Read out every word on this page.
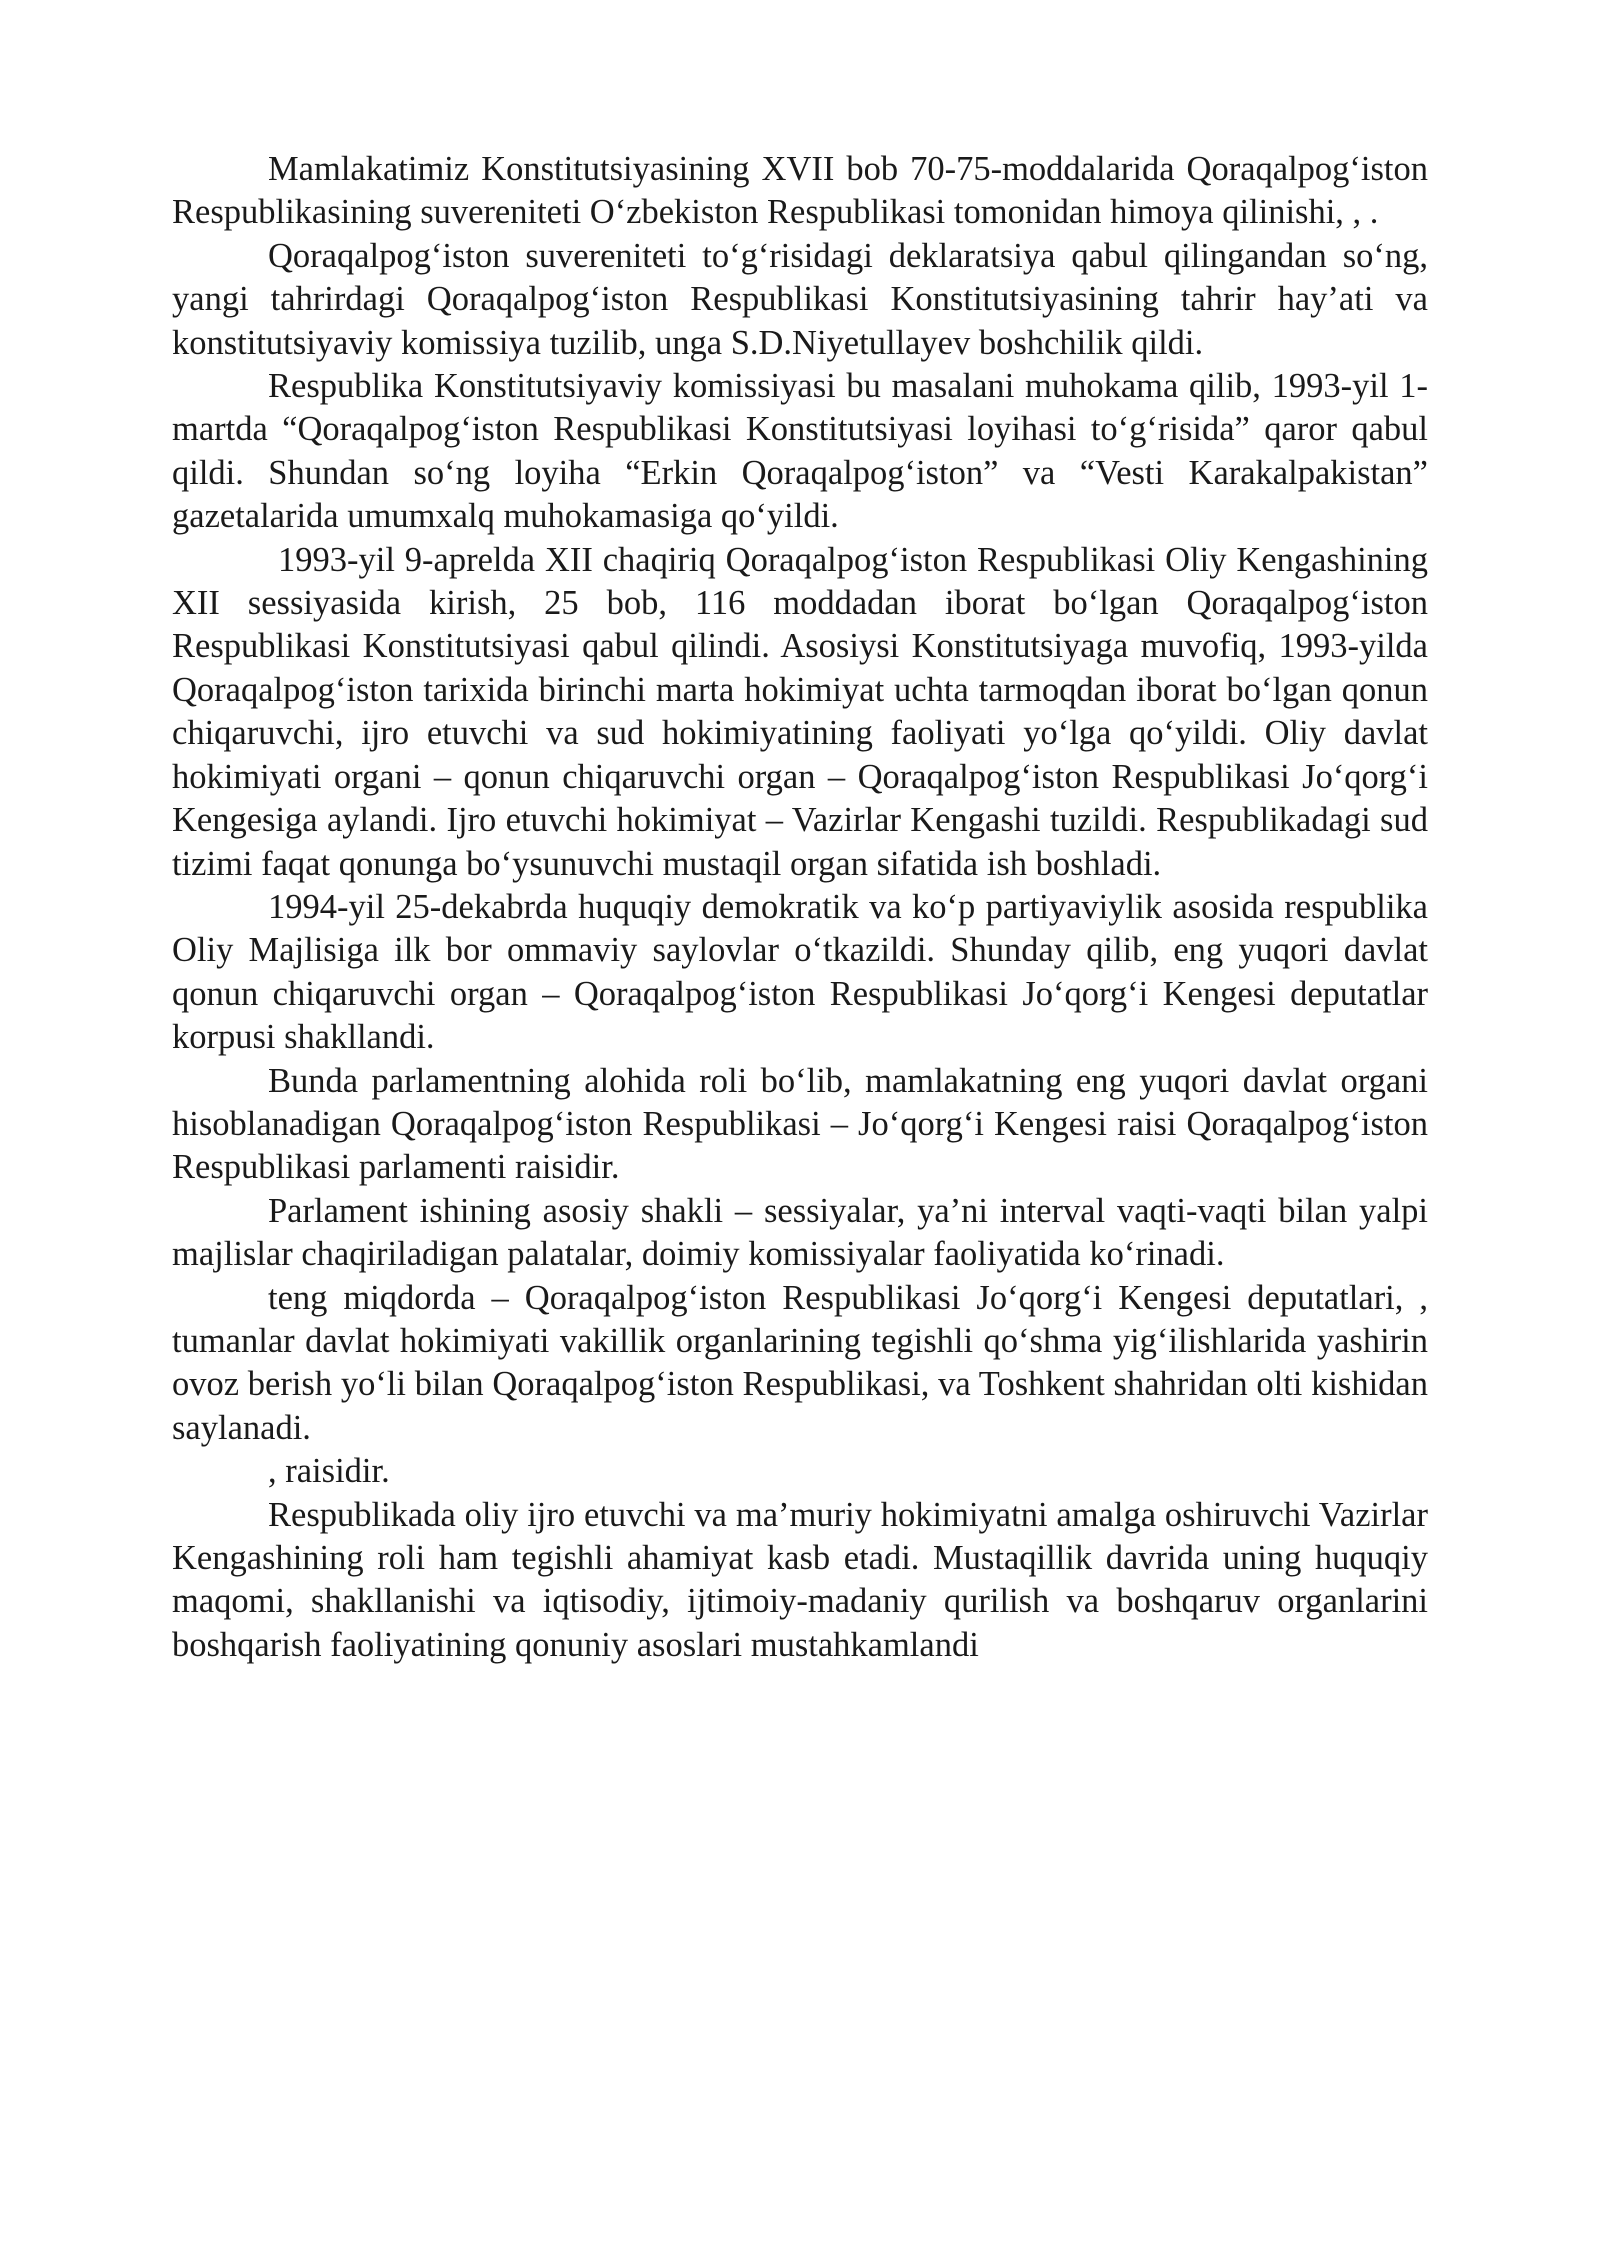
Mamlakatimiz Konstitutsiyasining XVII bob 70-75-moddalarida Qoraqalpog‘iston Respublikasining suvereniteti O‘zbekiston Respublikasi tomonidan himoya qilinishi, , .

Qoraqalpog‘iston suvereniteti to‘g‘risidagi deklaratsiya qabul qilingandan so‘ng, yangi tahrirdagi Qoraqalpog‘iston Respublikasi Konstitutsiyasining tahrir hay’ati va konstitutsiyaviy komissiya tuzilib, unga S.D.Niyetullayev boshchilik qildi.

Respublika Konstitutsiyaviy komissiyasi bu masalani muhokama qilib, 1993-yil 1-martda “Qoraqalpog‘iston Respublikasi Konstitutsiyasi loyihasi to‘g‘risida” qaror qabul qildi. Shundan so‘ng loyiha “Erkin Qoraqalpog‘iston” va “Vesti Karakalpakistan” gazetalarida umumxalq muhokamasiga qo‘yildi.

1993-yil 9-aprelda XII chaqiriq Qoraqalpog‘iston Respublikasi Oliy Kengashining XII sessiyasida kirish, 25 bob, 116 moddadan iborat bo‘lgan Qoraqalpog‘iston Respublikasi Konstitutsiyasi qabul qilindi. Asosiysi Konstitutsiyaga muvofiq, 1993-yilda Qoraqalpog‘iston tarixida birinchi marta hokimiyat uchta tarmoqdan iborat bo‘lgan qonun chiqaruvchi, ijro etuvchi va sud hokimiyatining faoliyati yo‘lga qo‘yildi. Oliy davlat hokimiyati organi – qonun chiqaruvchi organ – Qoraqalpog‘iston Respublikasi Jo‘qorg‘i Kengesiga aylandi. Ijro etuvchi hokimiyat – Vazirlar Kengashi tuzildi. Respublikadagi sud tizimi faqat qonunga bo‘ysunuvchi mustaqil organ sifatida ish boshladi.

1994-yil 25-dekabrda huquqiy demokratik va ko‘p partiyaviylik asosida respublika Oliy Majlisiga ilk bor ommaviy saylovlar o‘tkazildi. Shunday qilib, eng yuqori davlat qonun chiqaruvchi organ – Qoraqalpog‘iston Respublikasi Jo‘qorg‘i Kengesi deputatlar korpusi shakllandi.

Bunda parlamentning alohida roli bo‘lib, mamlakatning eng yuqori davlat organi hisoblanadigan Qoraqalpog‘iston Respublikasi – Jo‘qorg‘i Kengesi raisi Qoraqalpog‘iston Respublikasi parlamenti raisidir.

Parlament ishining asosiy shakli – sessiyalar, ya’ni interval vaqti-vaqti bilan yalpi majlislar chaqiriladigan palatalar, doimiy komissiyalar faoliyatida ko‘rinadi.

teng miqdorda – Qoraqalpog‘iston Respublikasi Jo‘qorg‘i Kengesi deputatlari, , tumanlar davlat hokimiyati vakillik organlarining tegishli qo‘shma yig‘ilishlarida yashirin ovoz berish yo‘li bilan Qoraqalpog‘iston Respublikasi, va Toshkent shahridan olti kishidan saylanadi.

, raisidir.

Respublikada oliy ijro etuvchi va ma’muriy hokimiyatni amalga oshiruvchi Vazirlar Kengashining roli ham tegishli ahamiyat kasb etadi. Mustaqillik davrida uning huquqiy maqomi, shakllanishi va iqtisodiy, ijtimoiy-madaniy qurilish va boshqaruv organlarini boshqarish faoliyatining qonuniy asoslari mustahkamlandi
